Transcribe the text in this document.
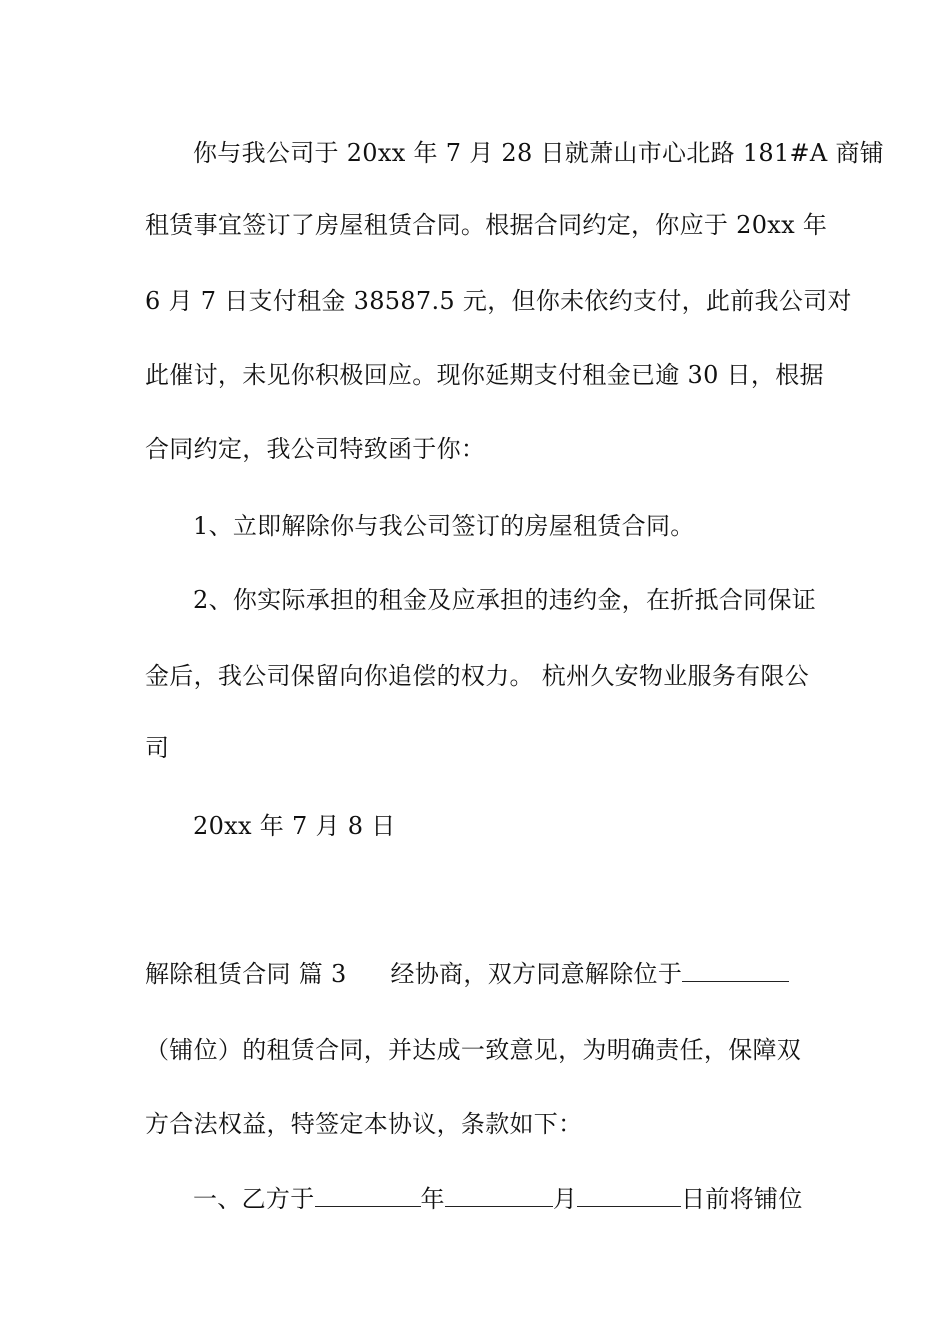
你与我公司于 20xx 年 7 月 28 日就萧山市心北路 181#A 商铺
租赁事宜签订了房屋租赁合同。根据合同约定，你应于 20xx 年
6 月 7 日支付租金 38587.5 元，但你未依约支付，此前我公司对
此催讨，未见你积极回应。现你延期支付租金已逾 30 日，根据
合同约定，我公司特致函于你：
1、立即解除你与我公司签订的房屋租赁合同。
2、你实际承担的租金及应承担的违约金，在折抵合同保证
金后，我公司保留向你追偿的权力。 杭州久安物业服务有限公
司
20xx 年 7 月 8 日
解除租赁合同 篇 3 经协商，双方同意解除位于
（铺位）的租赁合同，并达成一致意见，为明确责任，保障双
方合法权益，特签定本协议，条款如下：
一、乙方于	年	月	日前将铺位
